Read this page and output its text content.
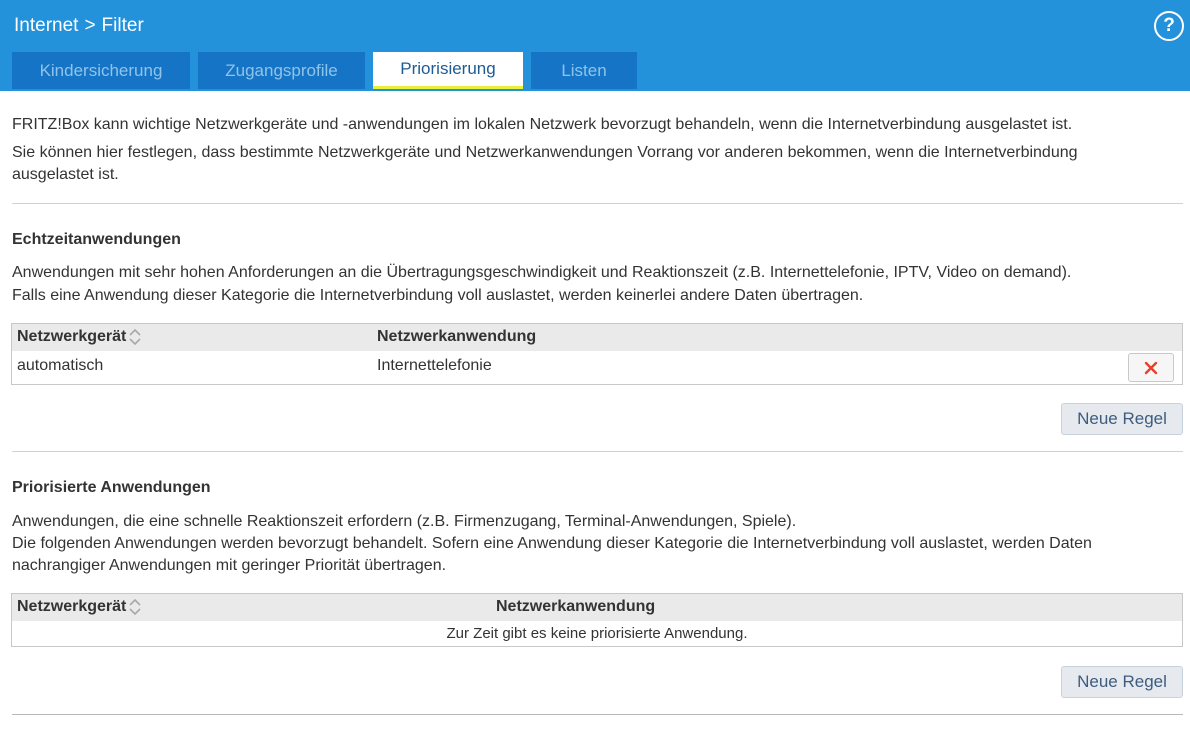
Internet > Filter	?
Kindersicherung	Zugangsprofile	Priorisierung	Listen
FRITZ!Box kann wichtige Netzwerkgeräte und -anwendungen im lokalen Netzwerk bevorzugt behandeln, wenn die Internetverbindung ausgelastet ist.
Sie können hier festlegen, dass bestimmte Netzwerkgeräte und Netzwerkanwendungen Vorrang vor anderen bekommen, wenn die Internetverbindung ausgelastet ist.
Echtzeitanwendungen
Anwendungen mit sehr hohen Anforderungen an die Übertragungsgeschwindigkeit und Reaktionszeit (z.B. Internettelefonie, IPTV, Video on demand).
Falls eine Anwendung dieser Kategorie die Internetverbindung voll auslastet, werden keinerlei andere Daten übertragen.
Netzwerkgerät	Netzwerkanwendung
automatisch	Internettelefonie
Neue Regel
Priorisierte Anwendungen
Anwendungen, die eine schnelle Reaktionszeit erfordern (z.B. Firmenzugang, Terminal-Anwendungen, Spiele).
Die folgenden Anwendungen werden bevorzugt behandelt. Sofern eine Anwendung dieser Kategorie die Internetverbindung voll auslastet, werden Daten nachrangiger Anwendungen mit geringer Priorität übertragen.
Netzwerkgerät	Netzwerkanwendung
Zur Zeit gibt es keine priorisierte Anwendung.
Neue Regel
